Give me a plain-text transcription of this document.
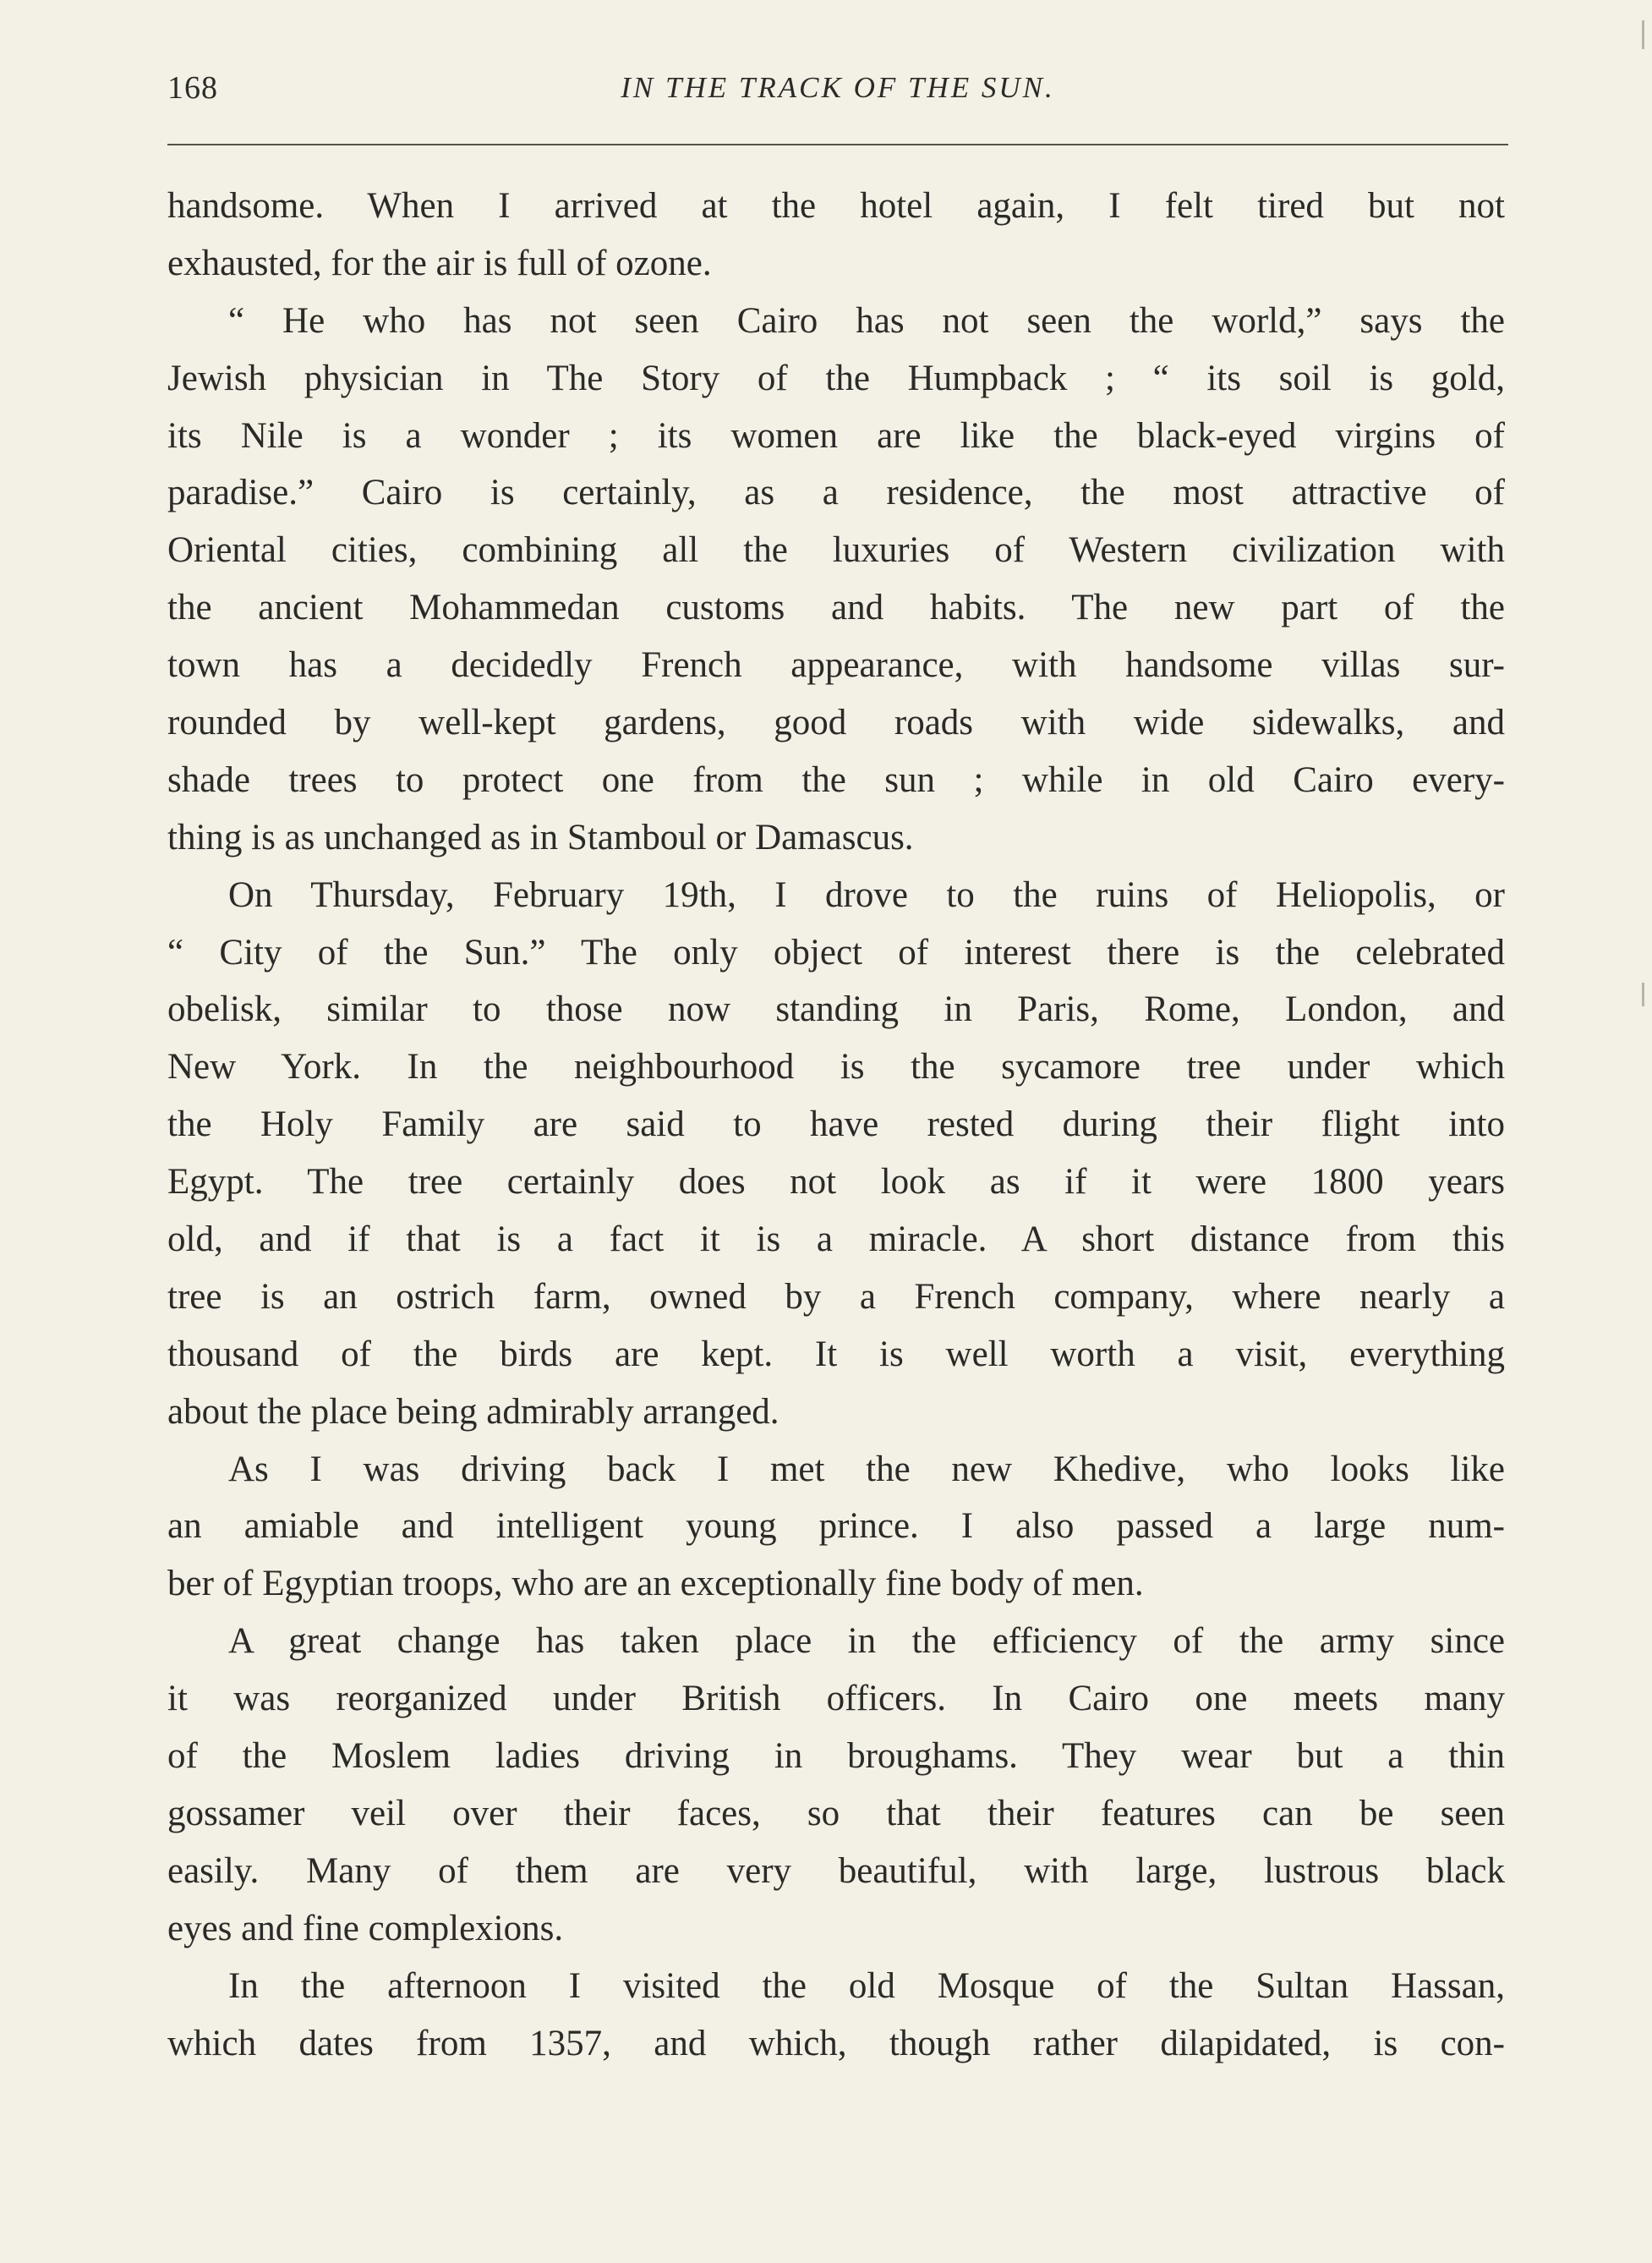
168	IN THE TRACK OF THE SUN.
handsome. When I arrived at the hotel again, I felt tired but not
exhausted, for the air is full of ozone.
“ He who has not seen Cairo has not seen the world,” says the
Jewish physician in The Story of the Humpback ; “ its soil is gold,
its Nile is a wonder ; its women are like the black-eyed virgins of
paradise.” Cairo is certainly, as a residence, the most attractive of
Oriental cities, combining all the luxuries of Western civilization with
the ancient Mohammedan customs and habits. The new part of the
town has a decidedly French appearance, with handsome villas sur-
rounded by well-kept gardens, good roads with wide sidewalks, and
shade trees to protect one from the sun ; while in old Cairo every-
thing is as unchanged as in Stamboul or Damascus.
On Thursday, February 19th, I drove to the ruins of Heliopolis, or
“ City of the Sun.” The only object of interest there is the celebrated
obelisk, similar to those now standing in Paris, Rome, London, and
New York. In the neighbourhood is the sycamore tree under which
the Holy Family are said to have rested during their flight into
Egypt. The tree certainly does not look as if it were 1800 years
old, and if that is a fact it is a miracle. A short distance from this
tree is an ostrich farm, owned by a French company, where nearly a
thousand of the birds are kept. It is well worth a visit, everything
about the place being admirably arranged.
As I was driving back I met the new Khedive, who looks like
an amiable and intelligent young prince. I also passed a large num-
ber of Egyptian troops, who are an exceptionally fine body of men.
A great change has taken place in the efficiency of the army since
it was reorganized under British officers. In Cairo one meets many
of the Moslem ladies driving in broughams. They wear but a thin
gossamer veil over their faces, so that their features can be seen
easily. Many of them are very beautiful, with large, lustrous black
eyes and fine complexions.
In the afternoon I visited the old Mosque of the Sultan Hassan,
which dates from 1357, and which, though rather dilapidated, is con-
